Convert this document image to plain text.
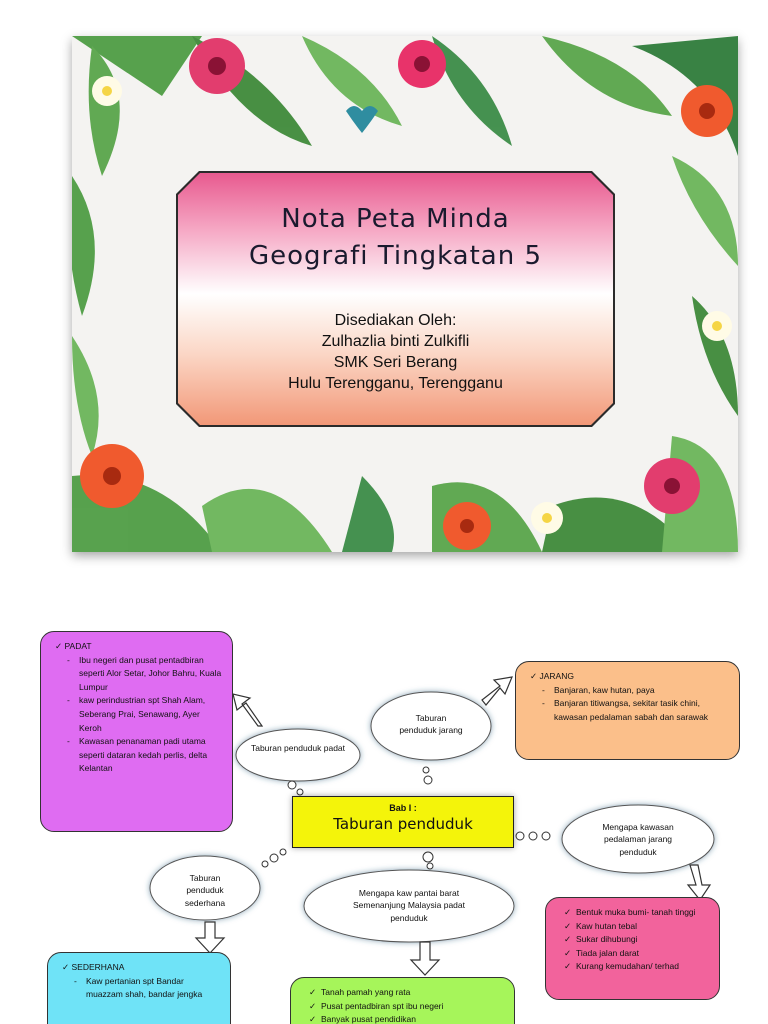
Nota Peta Minda
Geografi Tingkatan 5
Disediakan Oleh:
Zulhazlia binti Zulkifli
SMK Seri Berang
Hulu Terengganu, Terengganu
Taburan penduduk padat
Taburan penduduk jarang
Taburan penduduk sederhana
Mengapa kaw pantai barat Semenanjung Malaysia padat penduduk
Mengapa kawasan pedalaman jarang penduduk
Bab I :
Taburan penduduk
✓ PADAT
- Ibu negeri dan pusat pentadbiran seperti Alor Setar, Johor Bahru, Kuala Lumpur
- kaw perindustrian spt Shah Alam, Seberang Prai, Senawang, Ayer Keroh
- Kawasan penanaman padi utama seperti dataran kedah perlis, delta Kelantan
✓ JARANG
- Banjaran, kaw hutan, paya
- Banjaran titiwangsa, sekitar tasik chini, kawasan pedalaman sabah dan sarawak
✓ Bentuk muka bumi- tanah tinggi
✓ Kaw hutan tebal
✓ Sukar dihubungi
✓ Tiada jalan darat
✓ Kurang kemudahan/ terhad
✓ SEDERHANA
- Kaw pertanian spt Bandar muazzam shah, bandar jengka
✓	Tanah pamah yang rata
✓ Pusat pentadbiran spt ibu negeri
✓ Banyak pusat pendidikan
